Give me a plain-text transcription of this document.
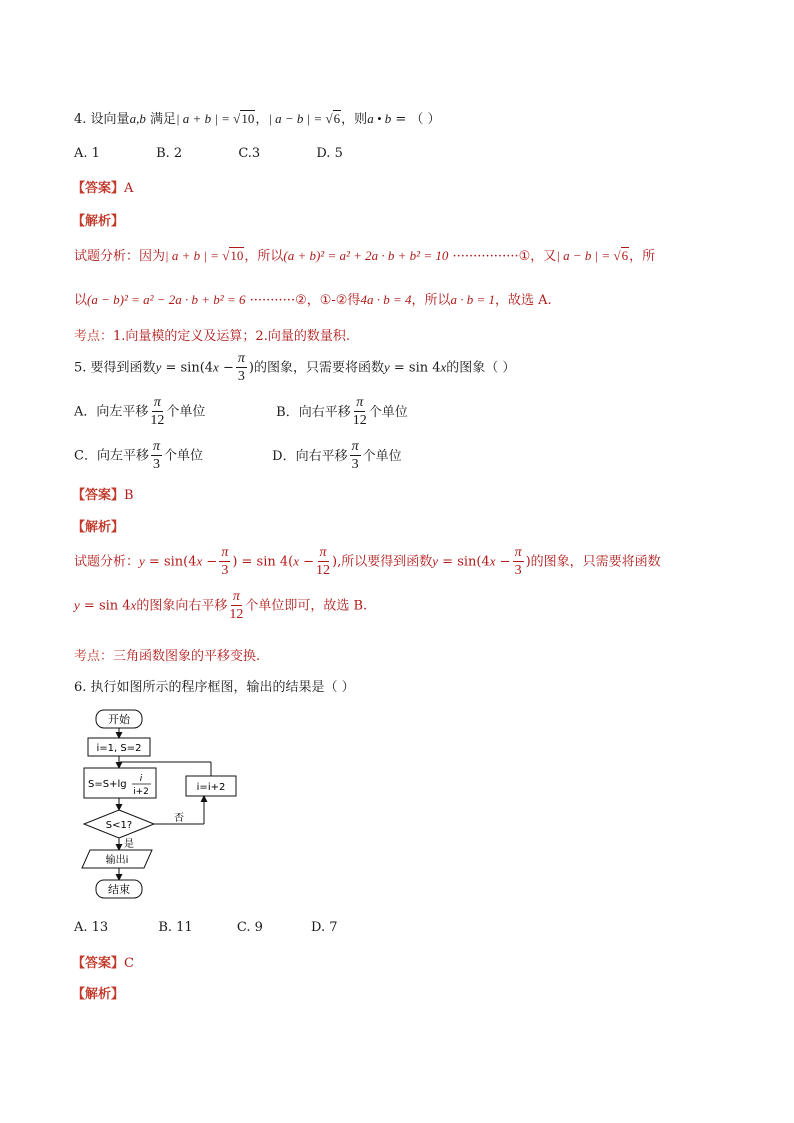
4. 设向量a,b 满足| a + b | = √10，| a − b | = √6，则a • b = （ ）
A. 1	B. 2	C.3	D. 5
【答案】A
【解析】
试题分析：因为| a + b | = √10，所以(a + b)² = a² + 2a · b + b² = 10 ················①，又| a − b | = √6，所
以(a − b)² = a² − 2a · b + b² = 6 ···········②，①-②得4a · b = 4，所以a · b = 1，故选 A.
考点：1.向量模的定义及运算；2.向量的数量积.
5. 要得到函数$y = \sin(4x - \frac{\pi}{3}$ )的图象，只需要将函数y = sin 4x的图象（ ）
A．向左平移 $\frac{\pi}{12}$ 个单位	B．向右平移 $\frac{\pi}{12}$ 个单位
C．向左平移 $\frac{\pi}{3}$ 个单位	D．向右平移 $\frac{\pi}{3}$ 个单位
【答案】B
【解析】
试题分析：$y = \sin(4x - \frac{\pi}{3}$ ) = $\sin 4(x - \frac{\pi}{12}$ ),所以要得到函数$y = \sin(4x - \frac{\pi}{3}$ )的图象，只需要将函数
y = sin 4x的图象向右平移 $\frac{\pi}{12}$ 个单位即可，故选 B.
考点：三角函数图象的平移变换.
6. 执行如图所示的程序框图，输出的结果是（ ）
开始
i=1, S=2
S=S+lg i
i+2	i=i+2
S<1?
否
是
输出i
结束
A. 13	B. 11	C. 9	D. 7
【答案】C
【解析】
